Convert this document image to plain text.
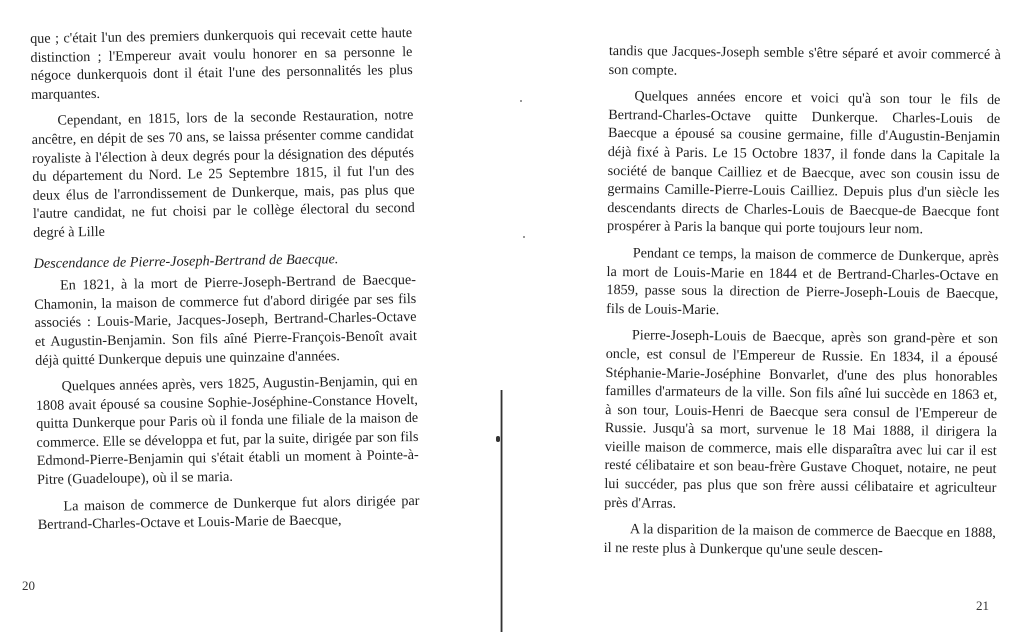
que ; c'était l'un des premiers dunkerquois qui recevait cette haute distinction ; l'Empereur avait voulu honorer en sa personne le négoce dunkerquois dont il était l'une des personnalités les plus marquantes.

Cependant, en 1815, lors de la seconde Restauration, notre ancêtre, en dépit de ses 70 ans, se laissa présenter comme candidat royaliste à l'élection à deux degrés pour la désignation des députés du département du Nord. Le 25 Septembre 1815, il fut l'un des deux élus de l'arrondissement de Dunkerque, mais, pas plus que l'autre candidat, ne fut choisi par le collège électoral du second degré à Lille

Descendance de Pierre-Joseph-Bertrand de Baecque.

En 1821, à la mort de Pierre-Joseph-Bertrand de Baecque-Chamonin, la maison de commerce fut d'abord dirigée par ses fils associés : Louis-Marie, Jacques-Joseph, Bertrand-Charles-Octave et Augustin-Benjamin. Son fils aîné Pierre-François-Benoît avait déjà quitté Dunkerque depuis une quinzaine d'années.

Quelques années après, vers 1825, Augustin-Benjamin, qui en 1808 avait épousé sa cousine Sophie-Joséphine-Constance Hovelt, quitta Dunkerque pour Paris où il fonda une filiale de la maison de commerce. Elle se développa et fut, par la suite, dirigée par son fils Edmond-Pierre-Benjamin qui s'était établi un moment à Pointe-à-Pitre (Guadeloupe), où il se maria.

La maison de commerce de Dunkerque fut alors dirigée par Bertrand-Charles-Octave et Louis-Marie de Baecque,

20

tandis que Jacques-Joseph semble s'être séparé et avoir commercé à son compte.

Quelques années encore et voici qu'à son tour le fils de Bertrand-Charles-Octave quitte Dunkerque. Charles-Louis de Baecque a épousé sa cousine germaine, fille d'Augustin-Benjamin déjà fixé à Paris. Le 15 Octobre 1837, il fonde dans la Capitale la société de banque Cailliez et de Baecque, avec son cousin issu de germains Camille-Pierre-Louis Cailliez. Depuis plus d'un siècle les descendants directs de Charles-Louis de Baecque-de Baecque font prospérer à Paris la banque qui porte toujours leur nom.

Pendant ce temps, la maison de commerce de Dunkerque, après la mort de Louis-Marie en 1844 et de Bertrand-Charles-Octave en 1859, passe sous la direction de Pierre-Joseph-Louis de Baecque, fils de Louis-Marie.

Pierre-Joseph-Louis de Baecque, après son grand-père et son oncle, est consul de l'Empereur de Russie. En 1834, il a épousé Stéphanie-Marie-Joséphine Bonvarlet, d'une des plus honorables familles d'armateurs de la ville. Son fils aîné lui succède en 1863 et, à son tour, Louis-Henri de Baecque sera consul de l'Empereur de Russie. Jusqu'à sa mort, survenue le 18 Mai 1888, il dirigera la vieille maison de commerce, mais elle disparaîtra avec lui car il est resté célibataire et son beau-frère Gustave Choquet, notaire, ne peut lui succéder, pas plus que son frère aussi célibataire et agriculteur près d'Arras.

A la disparition de la maison de commerce de Baecque en 1888, il ne reste plus à Dunkerque qu'une seule descen-

21
